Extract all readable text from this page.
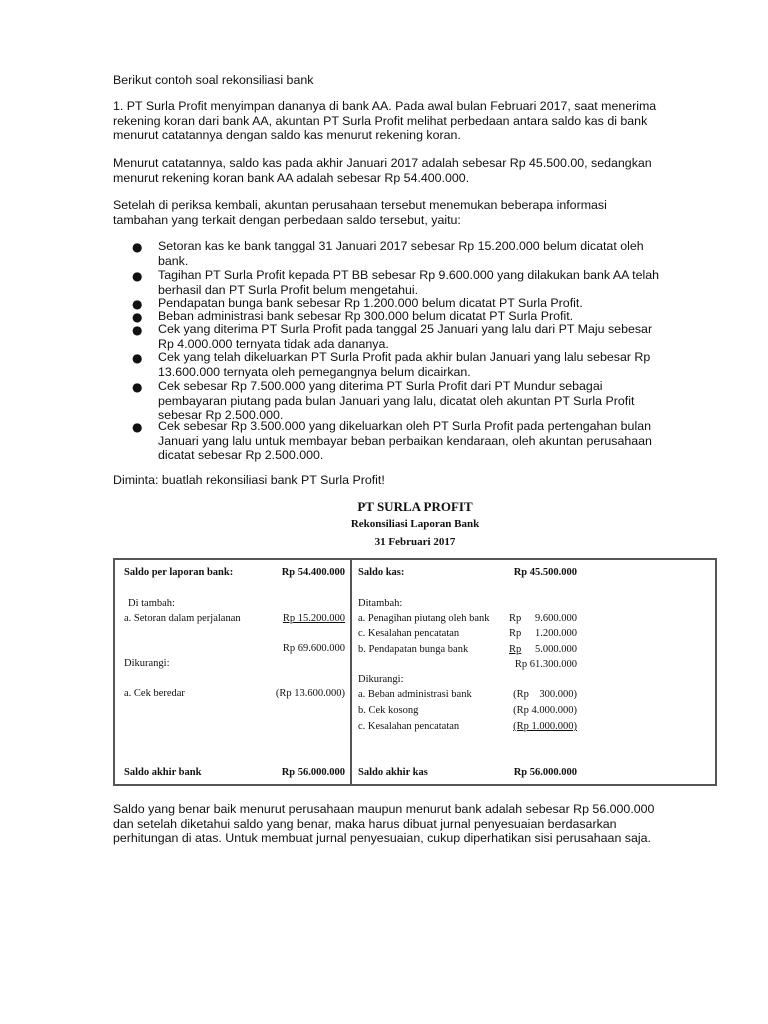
Berikut contoh soal rekonsiliasi bank
1. PT Surla Profit menyimpan dananya di bank AA. Pada awal bulan Februari 2017, saat menerima rekening koran dari bank AA, akuntan PT Surla Profit melihat perbedaan antara saldo kas di bank menurut catatannya dengan saldo kas menurut rekening koran.
Menurut catatannya, saldo kas pada akhir Januari 2017 adalah sebesar Rp 45.500.00, sedangkan menurut rekening koran bank AA adalah sebesar Rp 54.400.000.
Setelah di periksa kembali, akuntan perusahaan tersebut menemukan beberapa informasi tambahan yang terkait dengan perbedaan saldo tersebut, yaitu:
● Setoran kas ke bank tanggal 31 Januari 2017 sebesar Rp 15.200.000 belum dicatat oleh bank.
● Tagihan PT Surla Profit kepada PT BB sebesar Rp 9.600.000 yang dilakukan bank AA telah berhasil dan PT Surla Profit belum mengetahui.
● Pendapatan bunga bank sebesar Rp 1.200.000 belum dicatat PT Surla Profit.
● Beban administrasi bank sebesar Rp 300.000 belum dicatat PT Surla Profit.
● Cek yang diterima PT Surla Profit pada tanggal 25 Januari yang lalu dari PT Maju sebesar Rp 4.000.000 ternyata tidak ada dananya.
● Cek yang telah dikeluarkan PT Surla Profit pada akhir bulan Januari yang lalu sebesar Rp 13.600.000 ternyata oleh pemegangnya belum dicairkan.
● Cek sebesar Rp 7.500.000 yang diterima PT Surla Profit dari PT Mundur sebagai pembayaran piutang pada bulan Januari yang lalu, dicatat oleh akuntan PT Surla Profit sebesar Rp 2.500.000.
● Cek sebesar Rp 3.500.000 yang dikeluarkan oleh PT Surla Profit pada pertengahan bulan Januari yang lalu untuk membayar beban perbaikan kendaraan, oleh akuntan perusahaan dicatat sebesar Rp 2.500.000.
Diminta: buatlah rekonsiliasi bank PT Surla Profit!
PT SURLA PROFIT
Rekonsiliasi Laporan Bank
31 Februari 2017
Saldo per laporan bank:	Rp 54.400.000
Di tambah:
a. Setoran dalam perjalanan	Rp 15.200.000
Rp 69.600.000
Dikurangi:
a. Cek beredar	(Rp 13.600.000)
Saldo akhir bank	Rp 56.000.000
Saldo kas:	Rp 45.500.000
Ditambah:
a. Penagihan piutang oleh bank Rp	9.600.000
c. Kesalahan pencatatan	Rp	1.200.000
b. Pendapatan bunga bank	Rp 5.000.000
Rp 61.300.000
Dikurangi:
a. Beban administrasi bank	(Rp    300.000)
b. Cek kosong	(Rp 4.000.000)
c. Kesalahan pencatatan	(Rp 1.000.000)
Saldo akhir kas	Rp 56.000.000
Saldo yang benar baik menurut perusahaan maupun menurut bank adalah sebesar Rp 56.000.000 dan setelah diketahui saldo yang benar, maka harus dibuat jurnal penyesuaian berdasarkan perhitungan di atas. Untuk membuat jurnal penyesuaian, cukup diperhatikan sisi perusahaan saja.
